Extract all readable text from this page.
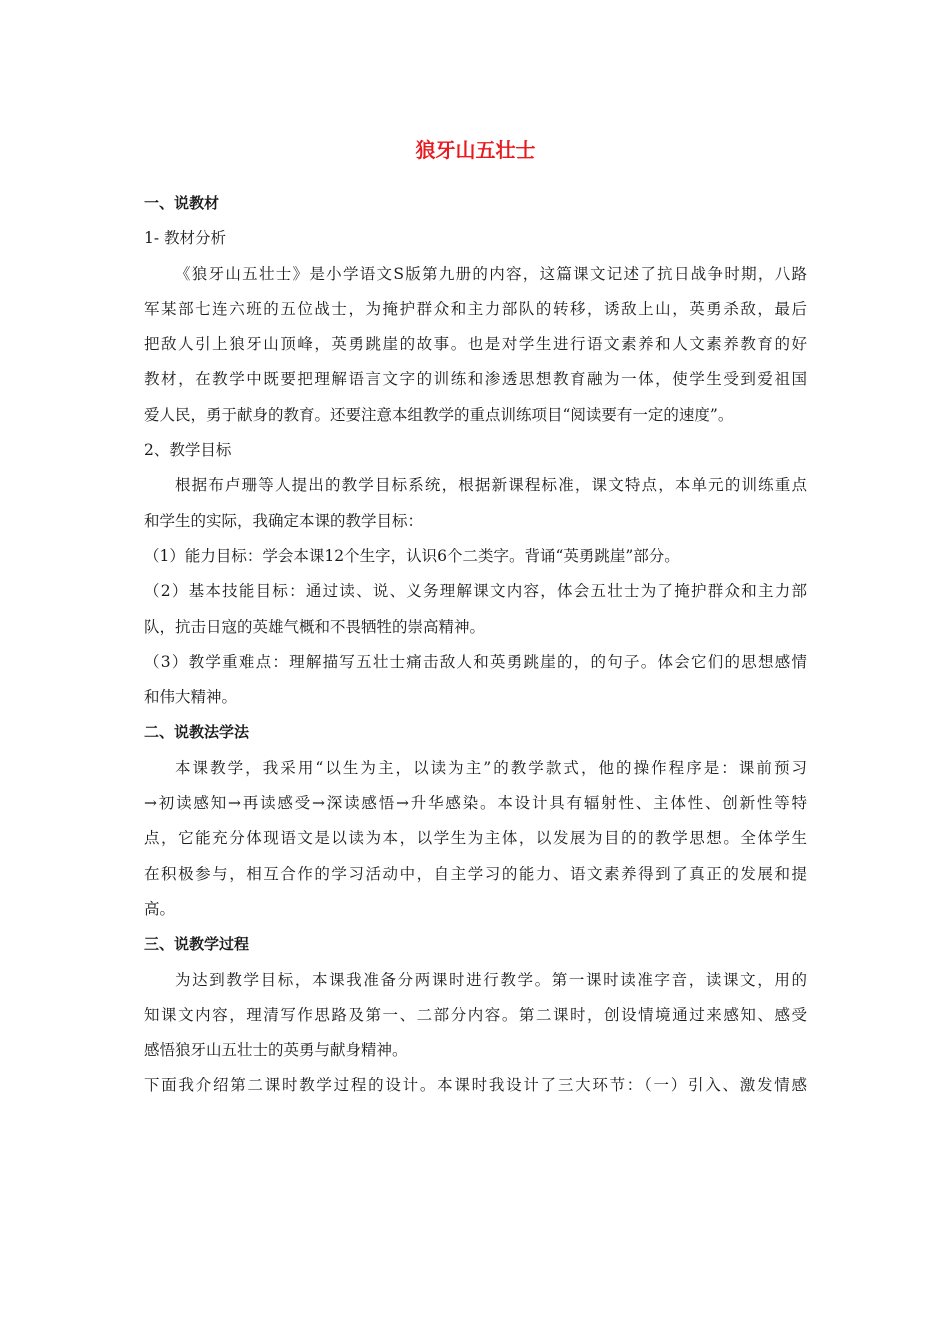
狼牙山五壮士

一、说教材

1- 教材分析

《狼牙山五壮士》是小学语文S版第九册的内容，这篇课文记述了抗日战争时期，八路

军某部七连六班的五位战士，为掩护群众和主力部队的转移，诱敌上山，英勇杀敌，最后

把敌人引上狼牙山顶峰，英勇跳崖的故事。也是对学生进行语文素养和人文素养教育的好

教材，在教学中既要把理解语言文字的训练和渗透思想教育融为一体，使学生受到爱祖国

爱人民，勇于献身的教育。还要注意本组教学的重点训练项目“阅读要有一定的速度”。

2、教学目标

根据布卢珊等人提出的教学目标系统，根据新课程标准，课文特点，本单元的训练重点

和学生的实际，我确定本课的教学目标：

（1）能力目标：学会本课12个生字，认识6个二类字。背诵“英勇跳崖”部分。

（2）基本技能目标：通过读、说、义务理解课文内容，体会五壮士为了掩护群众和主力部

队，抗击日寇的英雄气概和不畏牺牲的崇高精神。

（3）教学重难点：理解描写五壮士痛击敌人和英勇跳崖的，的句子。体会它们的思想感情

和伟大精神。

二、说教法学法

本课教学，我采用“以生为主，以读为主”的教学款式，他的操作程序是：课前预习

→初读感知→再读感受→深读感悟→升华感染。本设计具有辐射性、主体性、创新性等特

点，它能充分体现语文是以读为本，以学生为主体，以发展为目的的教学思想。全体学生

在积极参与，相互合作的学习活动中，自主学习的能力、语文素养得到了真正的发展和提

高。

三、说教学过程

为达到教学目标，本课我准备分两课时进行教学。第一课时读准字音，读课文，用的

知课文内容，理清写作思路及第一、二部分内容。第二课时，创设情境通过来感知、感受

感悟狼牙山五壮士的英勇与献身精神。

下面我介绍第二课时教学过程的设计。本课时我设计了三大环节：（一）引入、激发情感
